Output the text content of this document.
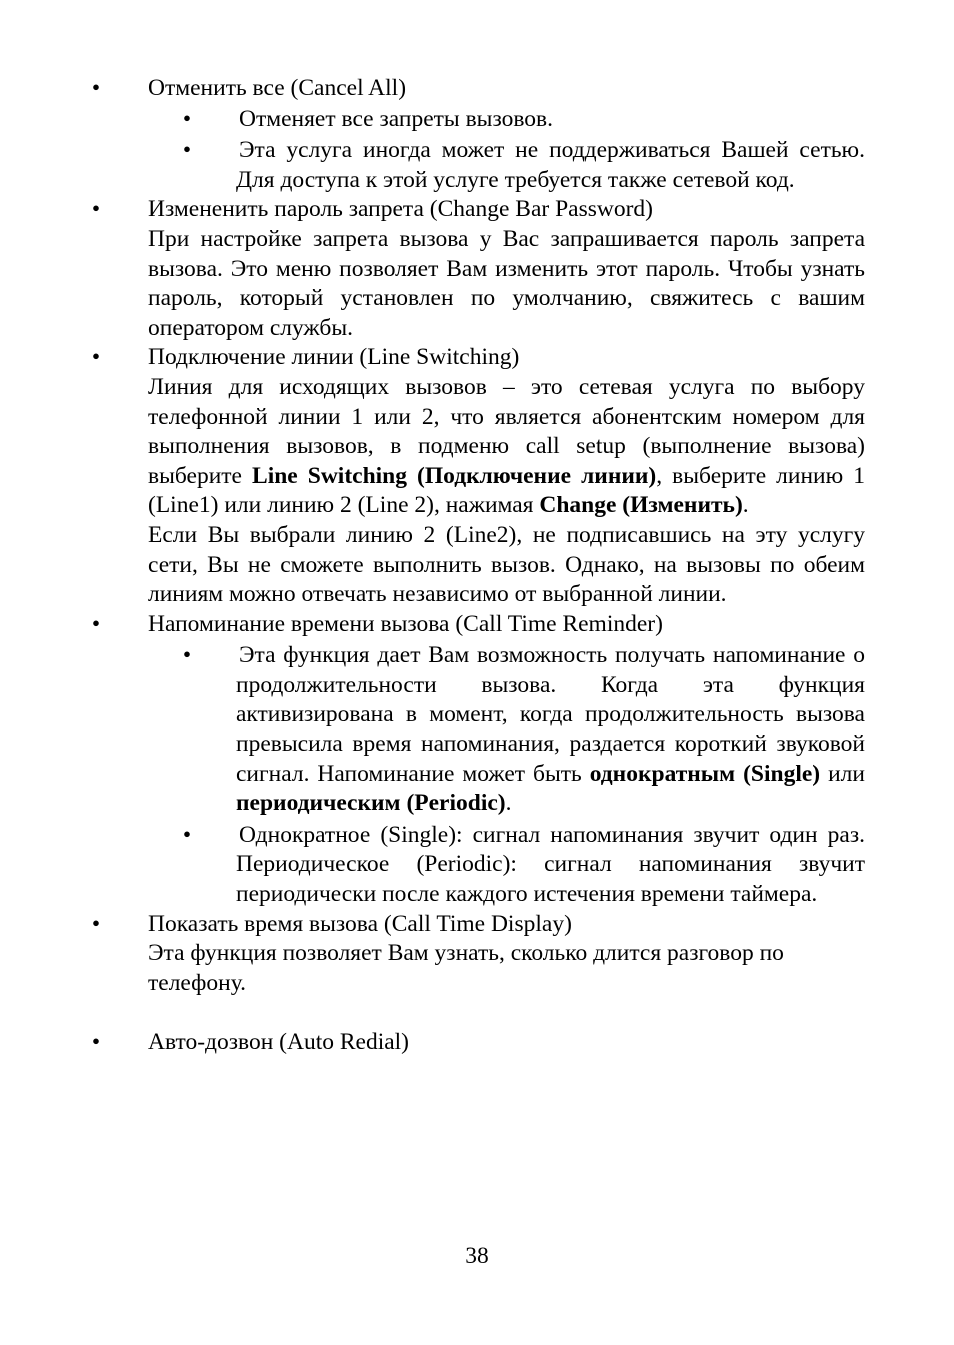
• Отменить все (Cancel All)
• Отменяет все запреты вызовов.
• Эта услуга иногда может не поддерживаться Вашей сетью. Для доступа к этой услуге требуется также сетевой код.
• Измененить пароль запрета (Change Bar Password)
При настройке запрета вызова у Вас запрашивается пароль запрета вызова. Это меню позволяет Вам изменить этот пароль. Чтобы узнать пароль, который установлен по умолчанию, свяжитесь с вашим оператором службы.
• Подключение линии (Line Switching)
Линия для исходящих вызовов – это сетевая услуга по выбору телефонной линии 1 или 2, что является абонентским номером для выполнения вызовов, в подменю call setup (выполнение вызова) выберите Line Switching (Подключение линии), выберите линию 1 (Line1) или линию 2 (Line 2), нажимая Change (Изменить).
Если Вы выбрали линию 2 (Line2), не подписавшись на эту услугу сети, Вы не сможете выполнить вызов. Однако, на вызовы по обеим линиям можно отвечать независимо от выбранной линии.
• Напоминание времени вызова (Call Time Reminder)
• Эта функция дает Вам возможность получать напоминание о продолжительности вызова. Когда эта функция активизирована в момент, когда продолжительность вызова превысила время напоминания, раздается короткий звуковой сигнал. Напоминание может быть однократным (Single) или периодическим (Periodic).
• Однократное (Single): сигнал напоминания звучит один раз. Периодическое (Periodic): сигнал напоминания звучит периодически после каждого истечения времени таймера.
• Показать время вызова (Call Time Display)
Эта функция позволяет Вам узнать, сколько длится разговор по телефону.
• Авто-дозвон (Auto Redial)
38
